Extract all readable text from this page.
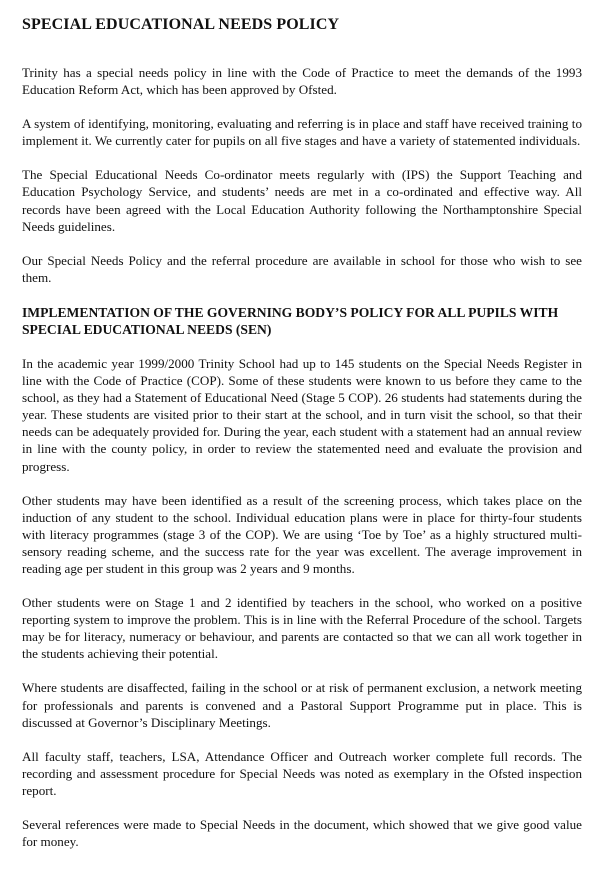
SPECIAL EDUCATIONAL NEEDS POLICY

Trinity has a special needs policy in line with the Code of Practice to meet the demands of the 1993 Education Reform Act, which has been approved by Ofsted.

A system of identifying, monitoring, evaluating and referring is in place and staff have received training to implement it. We currently cater for pupils on all five stages and have a variety of statemented individuals.

The Special Educational Needs Co-ordinator meets regularly with (IPS) the Support Teaching and Education Psychology Service, and students’ needs are met in a co-ordinated and effective way. All records have been agreed with the Local Education Authority following the Northamptonshire Special Needs guidelines.

Our Special Needs Policy and the referral procedure are available in school for those who wish to see them.

IMPLEMENTATION OF THE GOVERNING BODY’S POLICY FOR ALL PUPILS WITH SPECIAL EDUCATIONAL NEEDS (SEN)

In the academic year 1999/2000 Trinity School had up to 145 students on the Special Needs Register in line with the Code of Practice (COP). Some of these students were known to us before they came to the school, as they had a Statement of Educational Need (Stage 5 COP). 26 students had statements during the year. These students are visited prior to their start at the school, and in turn visit the school, so that their needs can be adequately provided for. During the year, each student with a statement had an annual review in line with the county policy, in order to review the statemented need and evaluate the provision and progress.

Other students may have been identified as a result of the screening process, which takes place on the induction of any student to the school. Individual education plans were in place for thirty-four students with literacy programmes (stage 3 of the COP). We are using ‘Toe by Toe’ as a highly structured multi-sensory reading scheme, and the success rate for the year was excellent. The average improvement in reading age per student in this group was 2 years and 9 months.

Other students were on Stage 1 and 2 identified by teachers in the school, who worked on a positive reporting system to improve the problem. This is in line with the Referral Procedure of the school. Targets may be for literacy, numeracy or behaviour, and parents are contacted so that we can all work together in the students achieving their potential.

Where students are disaffected, failing in the school or at risk of permanent exclusion, a network meeting for professionals and parents is convened and a Pastoral Support Programme put in place. This is discussed at Governor’s Disciplinary Meetings.

All faculty staff, teachers, LSA, Attendance Officer and Outreach worker complete full records. The recording and assessment procedure for Special Needs was noted as exemplary in the Ofsted inspection report.

Several references were made to Special Needs in the document, which showed that we give good value for money.
